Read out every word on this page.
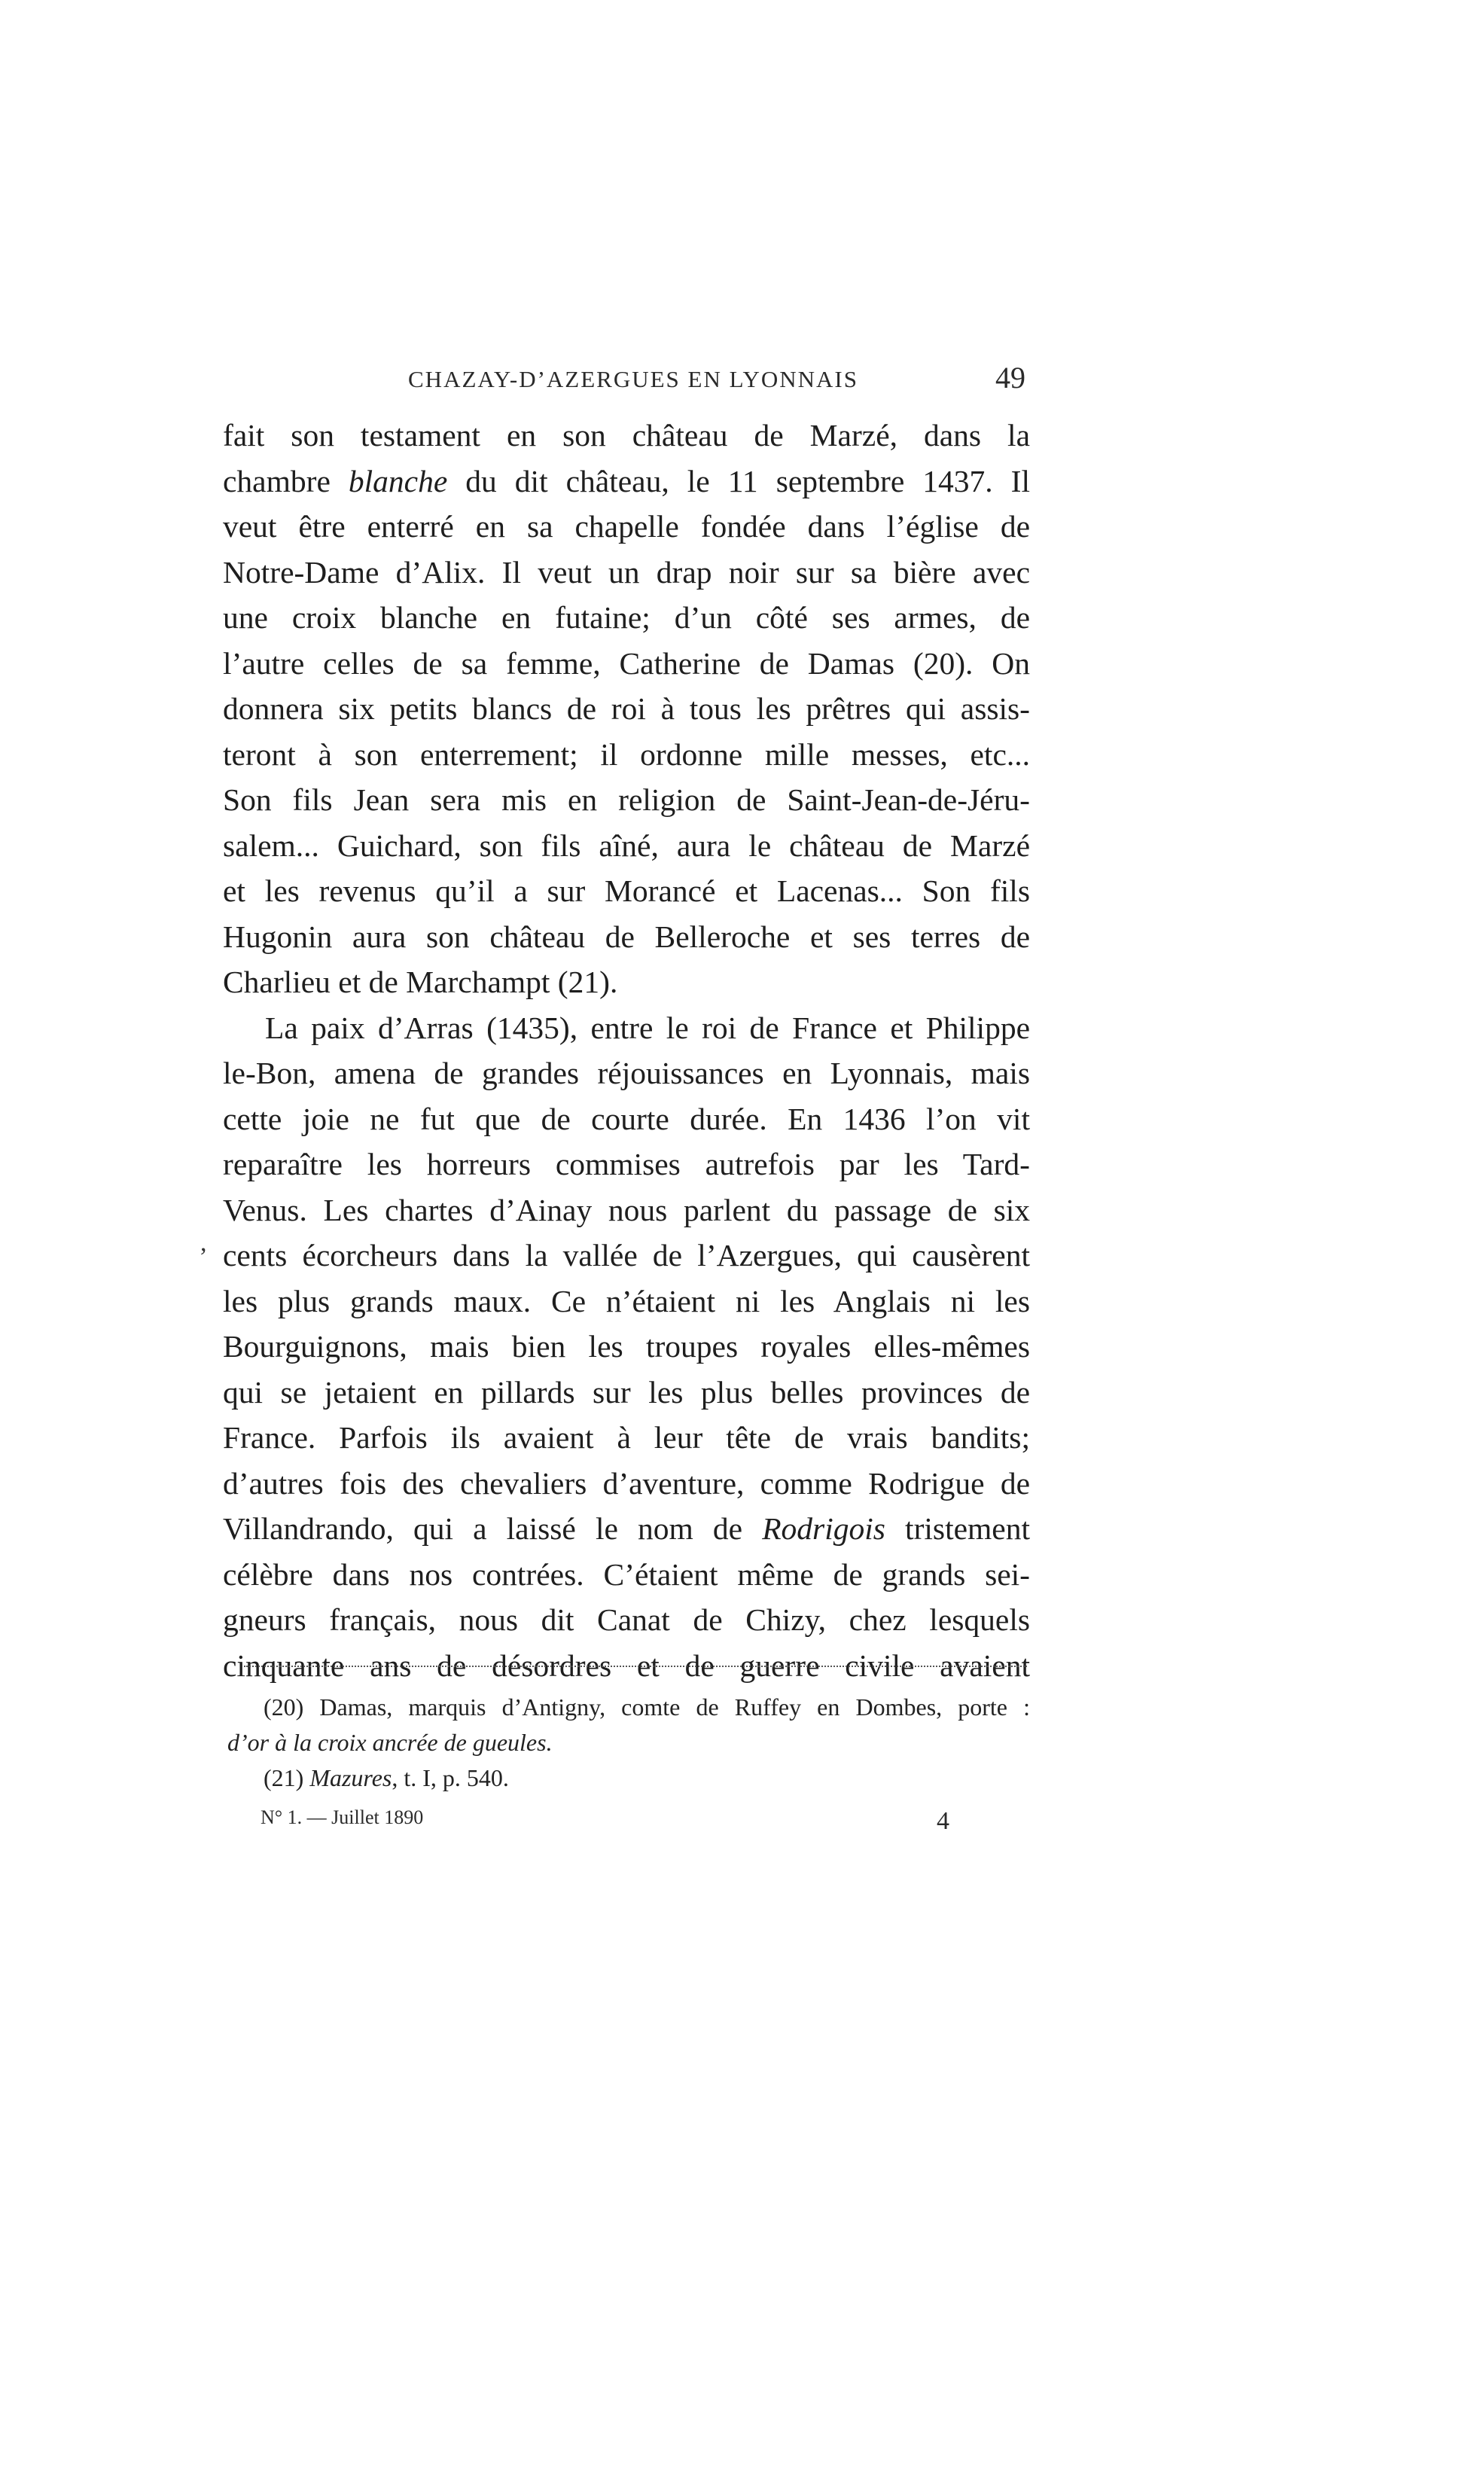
CHAZAY-D’AZERGUES EN LYONNAIS	49
fait son testament en son château de Marzé, dans la
chambre blanche du dit château, le 11 septembre 1437. Il
veut être enterré en sa chapelle fondée dans l’église de
Notre-Dame d’Alix. Il veut un drap noir sur sa bière avec
une croix blanche en futaine; d’un côté ses armes, de
l’autre celles de sa femme, Catherine de Damas (20). On
donnera six petits blancs de roi à tous les prêtres qui assis-
teront à son enterrement; il ordonne mille messes, etc...
Son fils Jean sera mis en religion de Saint-Jean-de-Jéru-
salem... Guichard, son fils aîné, aura le château de Marzé
et les revenus qu’il a sur Morancé et Lacenas... Son fils
Hugonin aura son château de Belleroche et ses terres de
Charlieu et de Marchampt (21).
La paix d’Arras (1435), entre le roi de France et Philippe
le-Bon, amena de grandes réjouissances en Lyonnais, mais
cette joie ne fut que de courte durée. En 1436 l’on vit
reparaître les horreurs commises autrefois par les Tard-
Venus. Les chartes d’Ainay nous parlent du passage de six
cents écorcheurs dans la vallée de l’Azergues, qui causèrent
les plus grands maux. Ce n’étaient ni les Anglais ni les
Bourguignons, mais bien les troupes royales elles-mêmes
qui se jetaient en pillards sur les plus belles provinces de
France. Parfois ils avaient à leur tête de vrais bandits;
d’autres fois des chevaliers d’aventure, comme Rodrigue de
Villandrando, qui a laissé le nom de Rodrigois tristement
célèbre dans nos contrées. C’étaient même de grands sei-
gneurs français, nous dit Canat de Chizy, chez lesquels
cinquante ans de désordres et de guerre civile avaient
,
(20) Damas, marquis d’Antigny, comte de Ruffey en Dombes, porte :
d’or à la croix ancrée de gueules.
(21) Mazures, t. I, p. 540.
N° 1. — Juillet 1890	4
